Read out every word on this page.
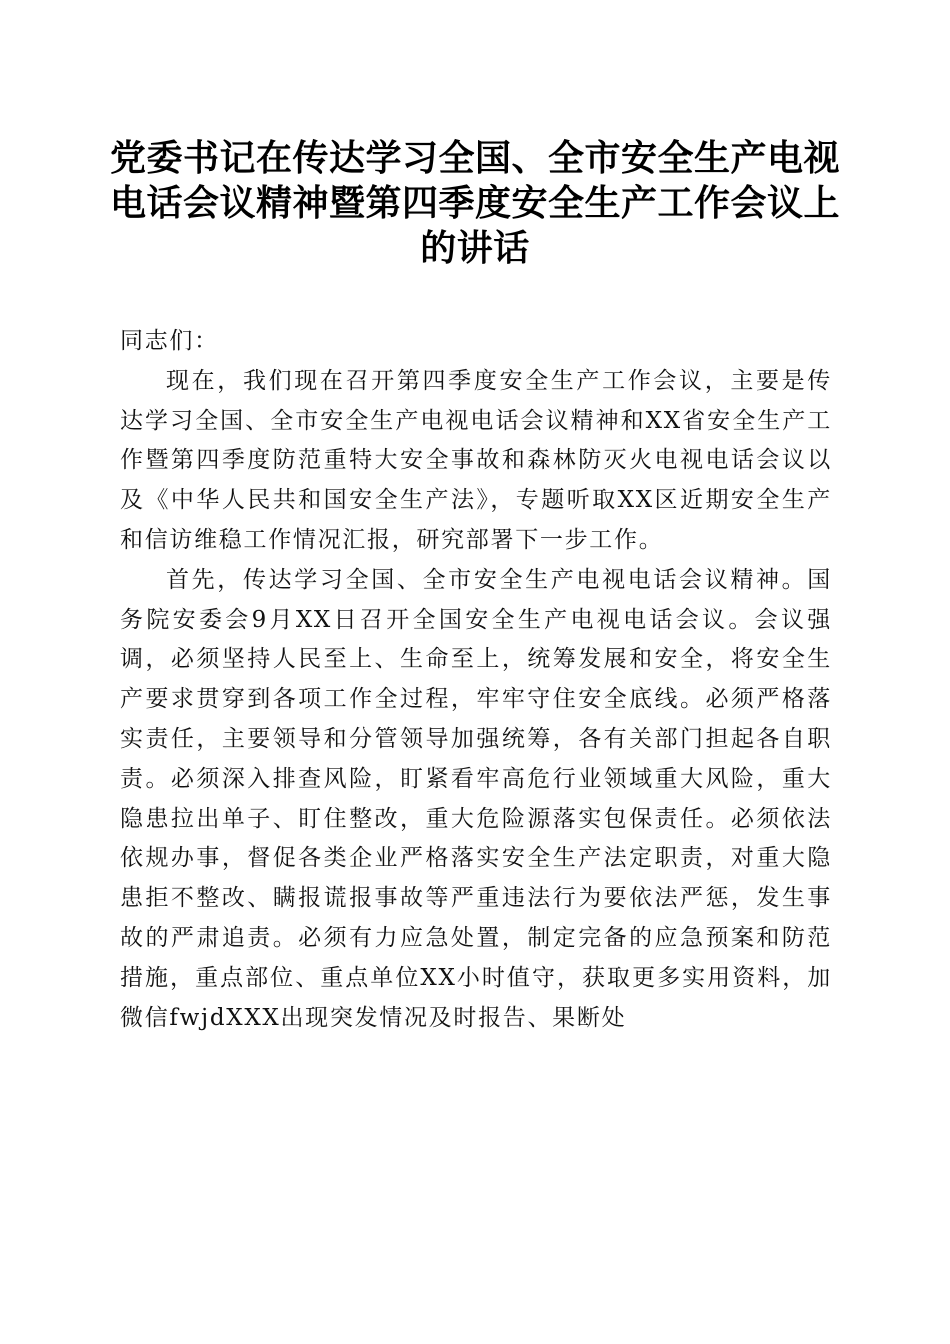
党委书记在传达学习全国、全市安全生产电视电话会议精神暨第四季度安全生产工作会议上的讲话

同志们：

现在，我们现在召开第四季度安全生产工作会议，主要是传达学习全国、全市安全生产电视电话会议精神和XX省安全生产工作暨第四季度防范重特大安全事故和森林防灭火电视电话会议以及《中华人民共和国安全生产法》，专题听取XX区近期安全生产和信访维稳工作情况汇报，研究部署下一步工作。

首先，传达学习全国、全市安全生产电视电话会议精神。国务院安委会9月XX日召开全国安全生产电视电话会议。会议强调，必须坚持人民至上、生命至上，统筹发展和安全，将安全生产要求贯穿到各项工作全过程，牢牢守住安全底线。必须严格落实责任，主要领导和分管领导加强统筹，各有关部门担起各自职责。必须深入排查风险，盯紧看牢高危行业领域重大风险，重大隐患拉出单子、盯住整改，重大危险源落实包保责任。必须依法依规办事，督促各类企业严格落实安全生产法定职责，对重大隐患拒不整改、瞒报谎报事故等严重违法行为要依法严惩，发生事故的严肃追责。必须有力应急处置，制定完备的应急预案和防范措施，重点部位、重点单位XX小时值守，获取更多实用资料，加微信fwjdXXX出现突发情况及时报告、果断处
